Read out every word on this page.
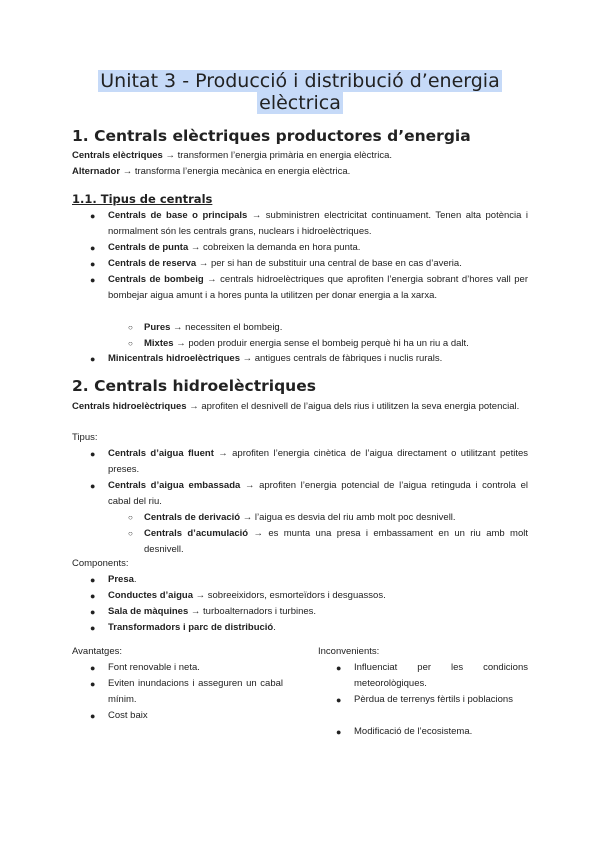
Unitat 3 - Producció i distribució d’energia
elèctrica
1. Centrals elèctriques productores d’energia

Centrals elèctriques → transformen l’energia primària en energia elèctrica.

Alternador → transforma l’energia mecànica en energia elèctrica.

1.1. Tipus de centrals
● Centrals de base o principals → subministren electricitat continuament. Tenen alta potència i normalment són les centrals grans, nuclears i hidroelèctriques.
● Centrals de punta → cobreixen la demanda en hora punta.
● Centrals de reserva → per si han de substituir una central de base en cas d’averia.
● Centrals de bombeig → centrals hidroelèctriques que aprofiten l’energia sobrant d’hores vall per bombejar aigua amunt i a hores punta la utilitzen per donar energia a la xarxa.
○ Pures → necessiten el bombeig.
○ Mixtes → poden produir energia sense el bombeig perquè hi ha un riu a dalt.
● Minicentrals hidroelèctriques → antigues centrals de fàbriques i nuclis rurals.
2. Centrals hidroelèctriques

Centrals hidroelèctriques → aprofiten el desnivell de l’aigua dels rius i utilitzen la seva energia potencial.

Tipus:

● Centrals d’aigua fluent → aprofiten l’energia cinètica de l’aigua directament o utilitzant petites preses.
● Centrals d’aigua embassada → aprofiten l’energia potencial de l’aigua retinguda i controla el cabal del riu.
○ Centrals de derivació → l’aigua es desvia del riu amb molt poc desnivell.
○ Centrals d’acumulació → es munta una presa i embassament en un riu amb molt desnivell.

Components:

● Presa.
● Conductes d’aigua → sobreeixidors, esmorteïdors i desguassos.
● Sala de màquines → turboalternadors i turbines.
● Transformadors i parc de distribució.
Avantatges:
● Font renovable i neta.
● Eviten inundacions i asseguren un cabal mínim.
● Cost baix
Inconvenients:
● Influenciat per les condicions meteorològiques.
● Pèrdua de terrenys fèrtils i poblacions
● Modificació de l’ecosistema.
